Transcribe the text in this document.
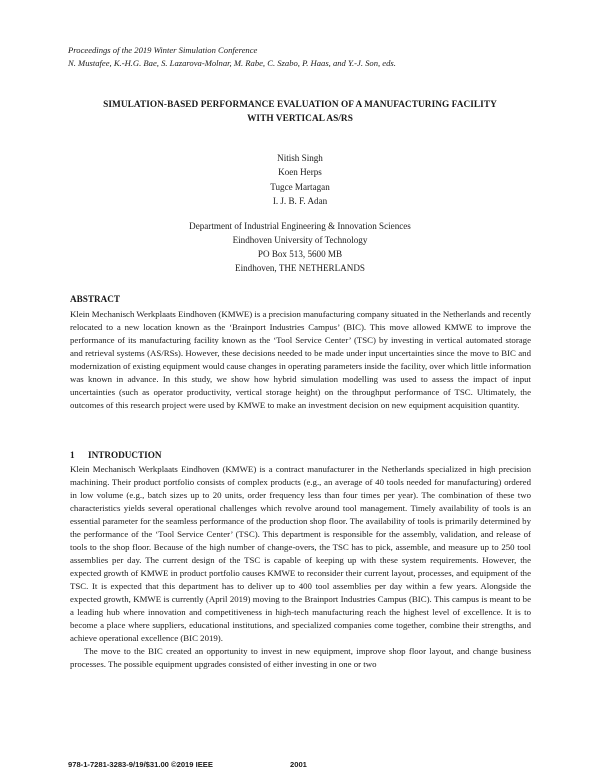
Proceedings of the 2019 Winter Simulation Conference
N. Mustafee, K.-H.G. Bae, S. Lazarova-Molnar, M. Rabe, C. Szabo, P. Haas, and Y.-J. Son, eds.
SIMULATION-BASED PERFORMANCE EVALUATION OF A MANUFACTURING FACILITY
WITH VERTICAL AS/RS
Nitish Singh
Koen Herps
Tugce Martagan
I. J. B. F. Adan
Department of Industrial Engineering & Innovation Sciences
Eindhoven University of Technology
PO Box 513, 5600 MB
Eindhoven, THE NETHERLANDS
ABSTRACT
Klein Mechanisch Werkplaats Eindhoven (KMWE) is a precision manufacturing company situated in the Netherlands and recently relocated to a new location known as the ‘Brainport Industries Campus’ (BIC). This move allowed KMWE to improve the performance of its manufacturing facility known as the ‘Tool Service Center’ (TSC) by investing in vertical automated storage and retrieval systems (AS/RSs). However, these decisions needed to be made under input uncertainties since the move to BIC and modernization of existing equipment would cause changes in operating parameters inside the facility, over which little information was known in advance. In this study, we show how hybrid simulation modelling was used to assess the impact of input uncertainties (such as operator productivity, vertical storage height) on the throughput performance of TSC. Ultimately, the outcomes of this research project were used by KMWE to make an investment decision on new equipment acquisition quantity.
1 INTRODUCTION

Klein Mechanisch Werkplaats Eindhoven (KMWE) is a contract manufacturer in the Netherlands specialized in high precision machining. Their product portfolio consists of complex products (e.g., an average of 40 tools needed for manufacturing) ordered in low volume (e.g., batch sizes up to 20 units, order frequency less than four times per year). The combination of these two characteristics yields several operational challenges which revolve around tool management. Timely availability of tools is an essential parameter for the seamless performance of the production shop floor. The availability of tools is primarily determined by the performance of the ‘Tool Service Center’ (TSC). This department is responsible for the assembly, validation, and release of tools to the shop floor. Because of the high number of change-overs, the TSC has to pick, assemble, and measure up to 250 tool assemblies per day. The current design of the TSC is capable of keeping up with these system requirements. However, the expected growth of KMWE in product portfolio causes KMWE to reconsider their current layout, processes, and equipment of the TSC. It is expected that this department has to deliver up to 400 tool assemblies per day within a few years. Alongside the expected growth, KMWE is currently (April 2019) moving to the Brainport Industries Campus (BIC). This campus is meant to be a leading hub where innovation and competitiveness in high-tech manufacturing reach the highest level of excellence. It is to become a place where suppliers, educational institutions, and specialized companies come together, combine their strengths, and achieve operational excellence (BIC 2019).

The move to the BIC created an opportunity to invest in new equipment, improve shop floor layout, and change business processes. The possible equipment upgrades consisted of either investing in one or two

978-1-7281-3283-9/19/$31.00 ©2019 IEEE	2001
